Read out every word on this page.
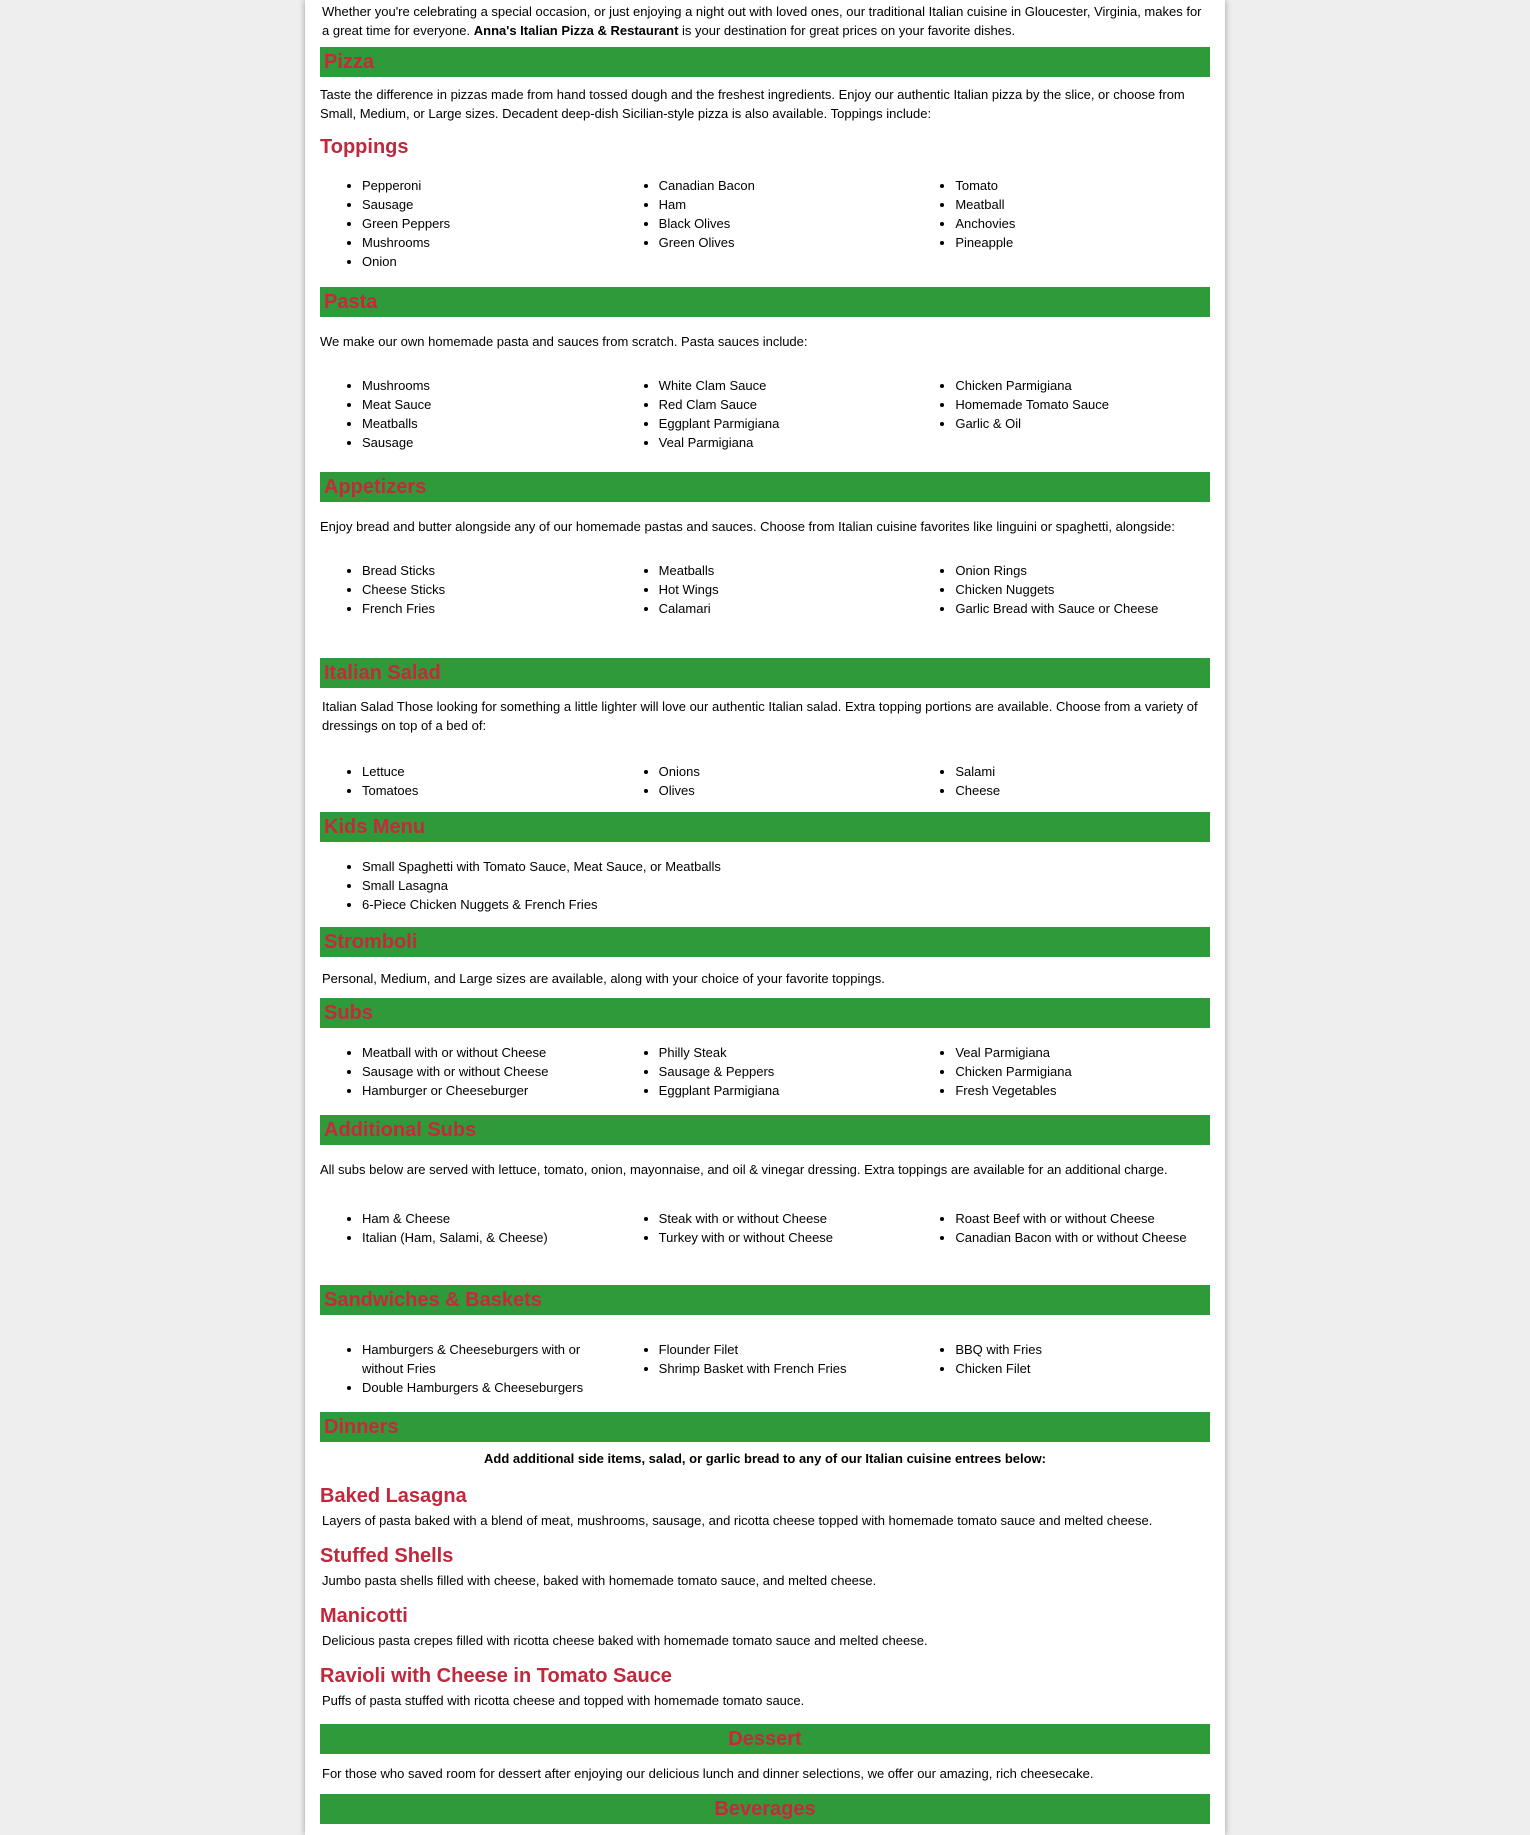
Whether you're celebrating a special occasion, or just enjoying a night out with loved ones, our traditional Italian cuisine in Gloucester, Virginia, makes for a great time for everyone. Anna's Italian Pizza & Restaurant is your destination for great prices on your favorite dishes.

Pizza

Taste the difference in pizzas made from hand tossed dough and the freshest ingredients. Enjoy our authentic Italian pizza by the slice, or choose from Small, Medium, or Large sizes. Decadent deep-dish Sicilian-style pizza is also available. Toppings include:

Toppings
• Pepperoni
• Sausage
• Green Peppers
• Mushrooms
• Onion
• Canadian Bacon
• Ham
• Black Olives
• Green Olives
• Tomato
• Meatball
• Anchovies
• Pineapple
Pasta

We make our own homemade pasta and sauces from scratch. Pasta sauces include:

• Mushrooms
• Meat Sauce
• Meatballs
• Sausage
• White Clam Sauce
• Red Clam Sauce
• Eggplant Parmigiana
• Veal Parmigiana
• Chicken Parmigiana
• Homemade Tomato Sauce
• Garlic & Oil
Appetizers

Enjoy bread and butter alongside any of our homemade pastas and sauces. Choose from Italian cuisine favorites like linguini or spaghetti, alongside:

• Bread Sticks
• Cheese Sticks
• French Fries
• Meatballs
• Hot Wings
• Calamari
• Onion Rings
• Chicken Nuggets
• Garlic Bread with Sauce or Cheese
Italian Salad

Italian Salad Those looking for something a little lighter will love our authentic Italian salad. Extra topping portions are available. Choose from a variety of dressings on top of a bed of:

• Lettuce
• Tomatoes
• Onions
• Olives
• Salami
• Cheese
Kids Menu
• Small Spaghetti with Tomato Sauce, Meat Sauce, or Meatballs
• Small Lasagna
• 6-Piece Chicken Nuggets & French Fries
Stromboli

Personal, Medium, and Large sizes are available, along with your choice of your favorite toppings.

Subs
• Meatball with or without Cheese
• Sausage with or without Cheese
• Hamburger or Cheeseburger
• Philly Steak
• Sausage & Peppers
• Eggplant Parmigiana
• Veal Parmigiana
• Chicken Parmigiana
• Fresh Vegetables
Additional Subs

All subs below are served with lettuce, tomato, onion, mayonnaise, and oil & vinegar dressing. Extra toppings are available for an additional charge.

• Ham & Cheese
• Italian (Ham, Salami, & Cheese)
• Steak with or without Cheese
• Turkey with or without Cheese
• Roast Beef with or without Cheese
• Canadian Bacon with or without Cheese
Sandwiches & Baskets
• Hamburgers & Cheeseburgers with or without Fries
• Double Hamburgers & Cheeseburgers
• Flounder Filet
• Shrimp Basket with French Fries
• BBQ with Fries
• Chicken Filet
Dinners

Add additional side items, salad, or garlic bread to any of our Italian cuisine entrees below:

Baked Lasagna

Layers of pasta baked with a blend of meat, mushrooms, sausage, and ricotta cheese topped with homemade tomato sauce and melted cheese.

Stuffed Shells

Jumbo pasta shells filled with cheese, baked with homemade tomato sauce, and melted cheese.

Manicotti

Delicious pasta crepes filled with ricotta cheese baked with homemade tomato sauce and melted cheese.

Ravioli with Cheese in Tomato Sauce

Puffs of pasta stuffed with ricotta cheese and topped with homemade tomato sauce.

Dessert

For those who saved room for dessert after enjoying our delicious lunch and dinner selections, we offer our amazing, rich cheesecake.

Beverages
